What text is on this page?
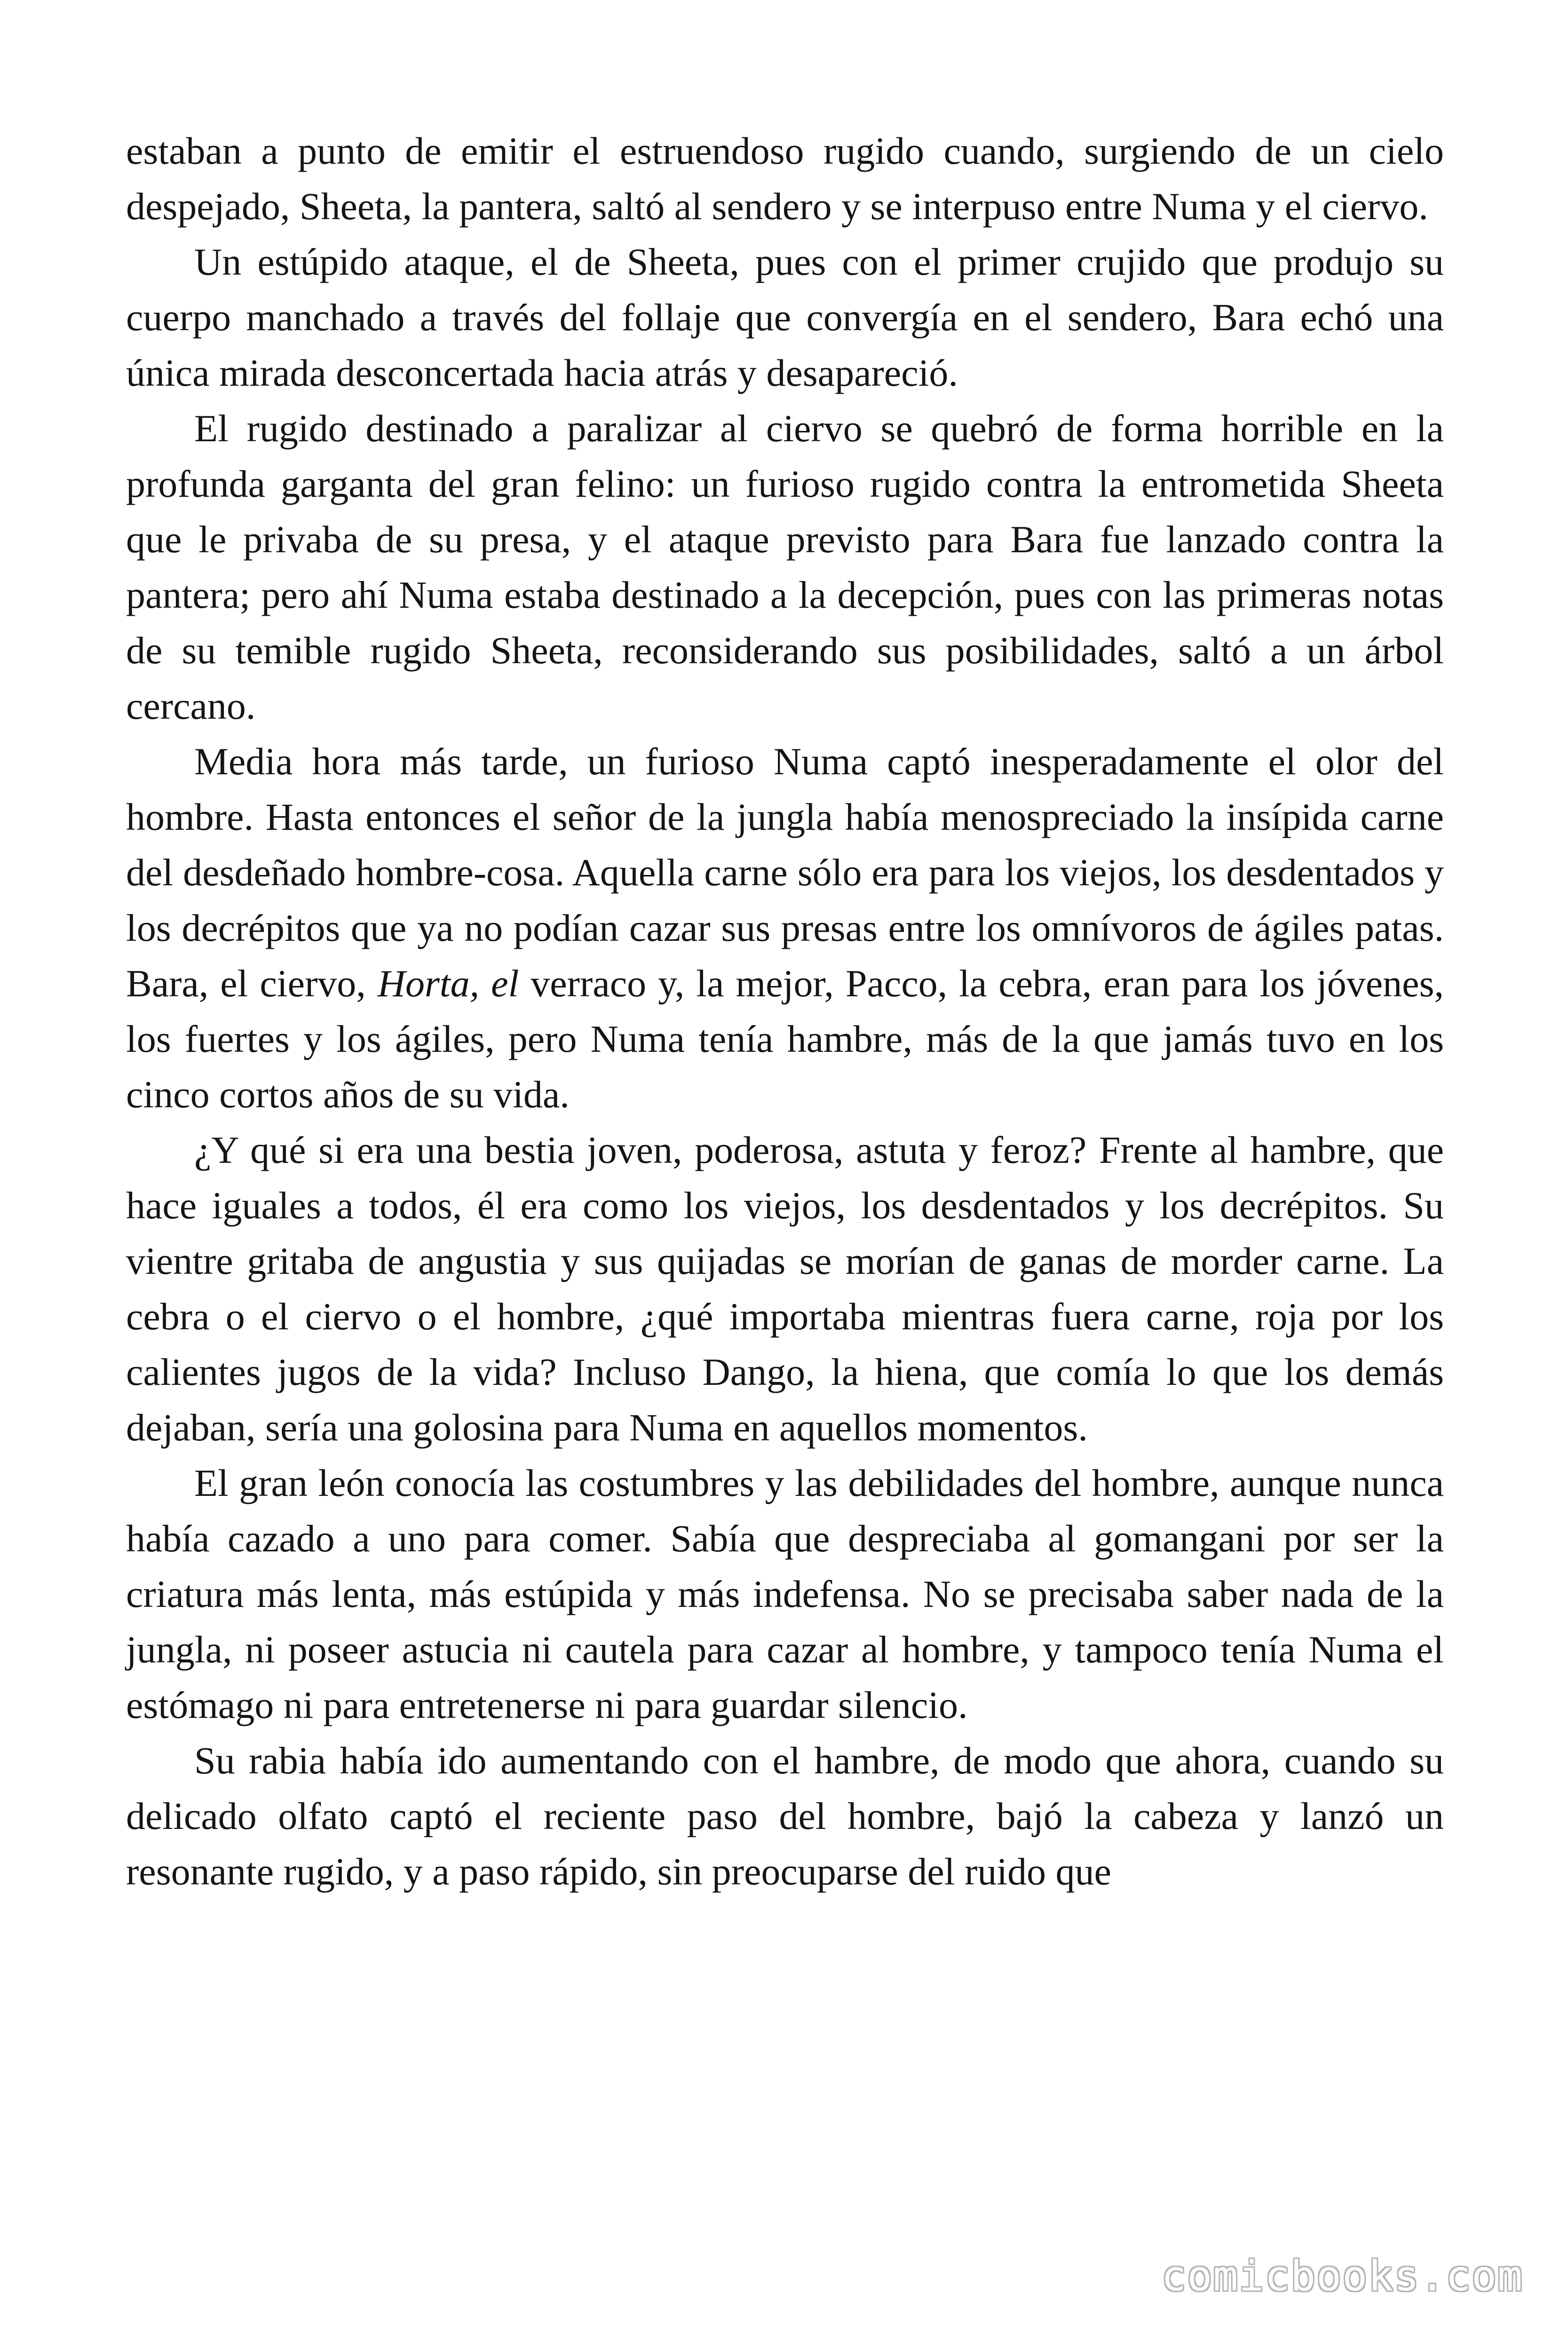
estaban a punto de emitir el estruendoso rugido cuando, surgiendo de un cielo despejado, Sheeta, la pantera, saltó al sendero y se interpuso entre Numa y el ciervo.

Un estúpido ataque, el de Sheeta, pues con el primer crujido que produjo su cuerpo manchado a través del follaje que convergía en el sendero, Bara echó una única mirada desconcertada hacia atrás y desapareció.

El rugido destinado a paralizar al ciervo se quebró de forma horrible en la profunda garganta del gran felino: un furioso rugido contra la entrometida Sheeta que le privaba de su presa, y el ataque previsto para Bara fue lanzado contra la pantera; pero ahí Numa estaba destinado a la decepción, pues con las primeras notas de su temible rugido Sheeta, reconsiderando sus posibilidades, saltó a un árbol cercano.

Media hora más tarde, un furioso Numa captó inesperadamente el olor del hombre. Hasta entonces el señor de la jungla había menospreciado la insípida carne del desdeñado hombre-cosa. Aquella carne sólo era para los viejos, los desdentados y los decrépitos que ya no podían cazar sus presas entre los omnívoros de ágiles patas. Bara, el ciervo, Horta, el verraco y, la mejor, Pacco, la cebra, eran para los jóvenes, los fuertes y los ágiles, pero Numa tenía hambre, más de la que jamás tuvo en los cinco cortos años de su vida.

¿Y qué si era una bestia joven, poderosa, astuta y feroz? Frente al hambre, que hace iguales a todos, él era como los viejos, los desdentados y los decrépitos. Su vientre gritaba de angustia y sus quijadas se morían de ganas de morder carne. La cebra o el ciervo o el hombre, ¿qué importaba mientras fuera carne, roja por los calientes jugos de la vida? Incluso Dango, la hiena, que comía lo que los demás dejaban, sería una golosina para Numa en aquellos momentos.

El gran león conocía las costumbres y las debilidades del hombre, aunque nunca había cazado a uno para comer. Sabía que despreciaba al gomangani por ser la criatura más lenta, más estúpida y más indefensa. No se precisaba saber nada de la jungla, ni poseer astucia ni cautela para cazar al hombre, y tampoco tenía Numa el estómago ni para entretenerse ni para guardar silencio.

Su rabia había ido aumentando con el hambre, de modo que ahora, cuando su delicado olfato captó el reciente paso del hombre, bajó la cabeza y lanzó un resonante rugido, y a paso rápido, sin preocuparse del ruido que

comicbooks.com
